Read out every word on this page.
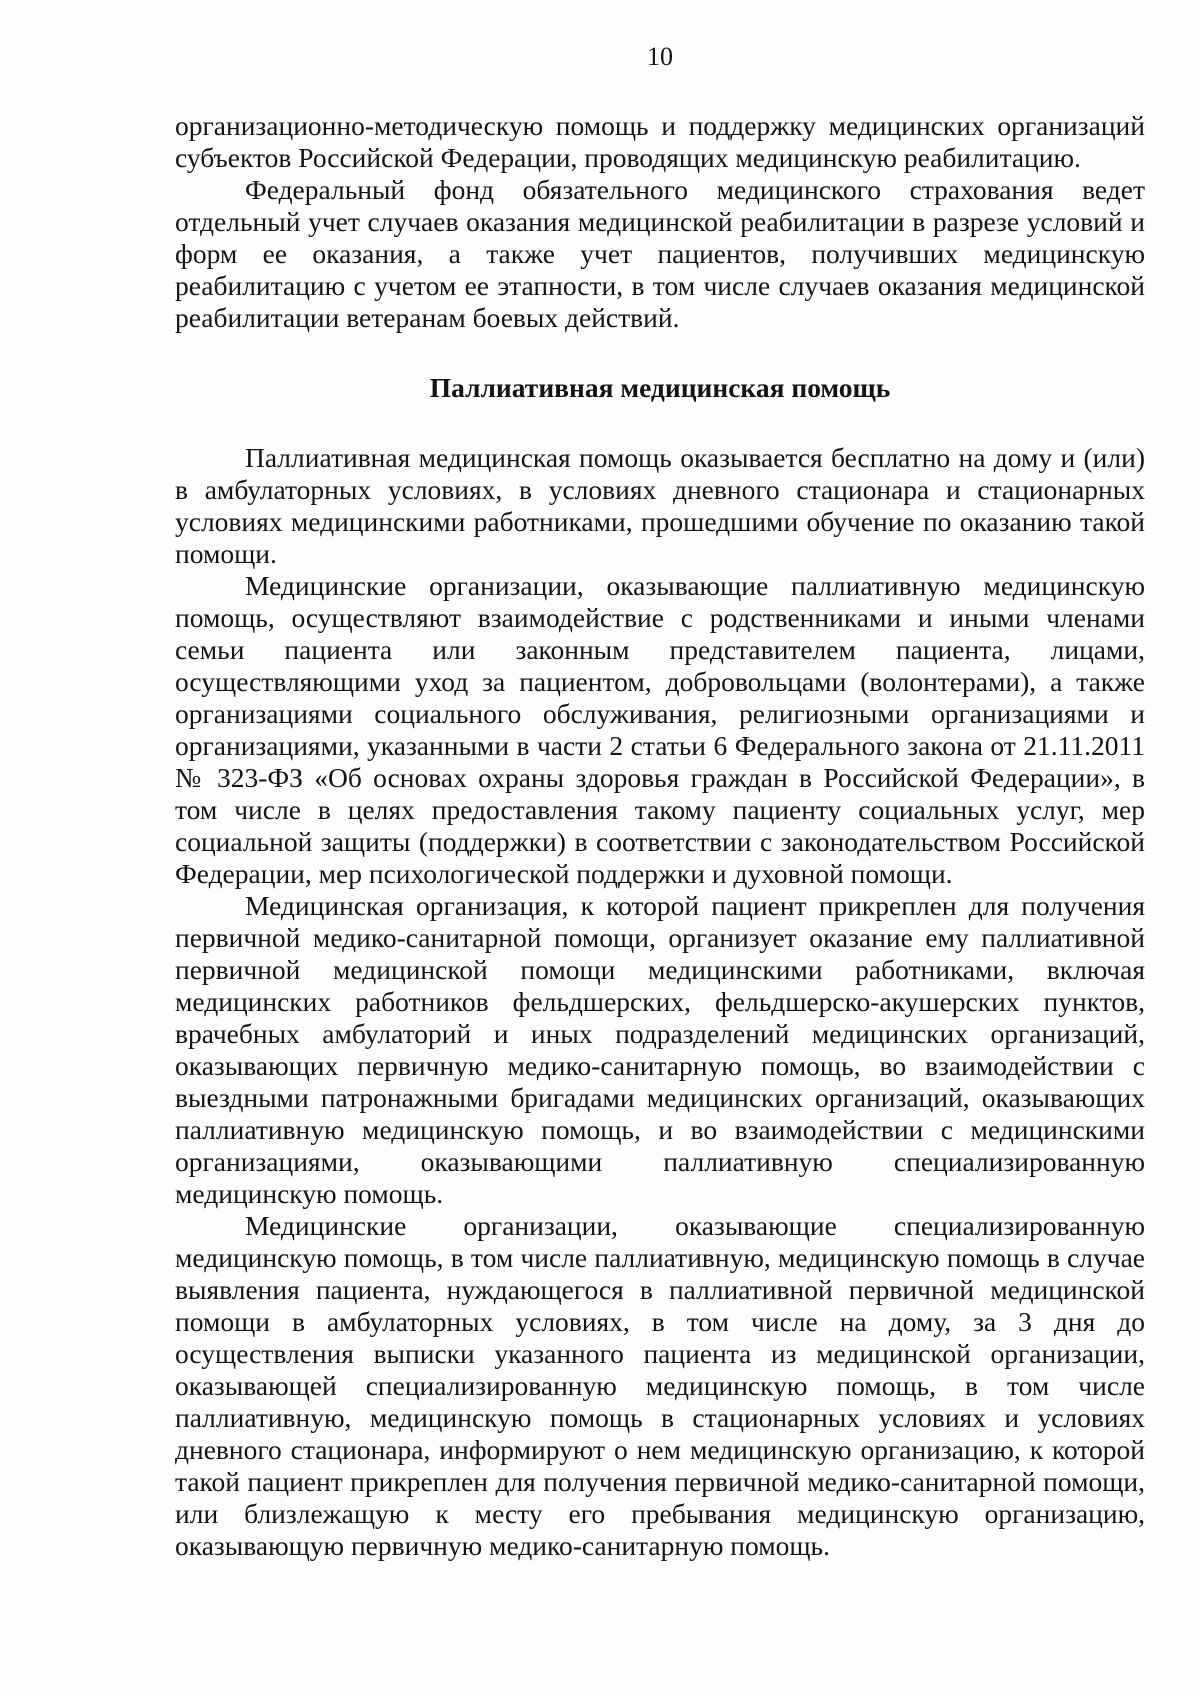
10

организационно-методическую помощь и поддержку медицинских организаций субъектов Российской Федерации, проводящих медицинскую реабилитацию.

Федеральный фонд обязательного медицинского страхования ведет отдельный учет случаев оказания медицинской реабилитации в разрезе условий и форм ее оказания, а также учет пациентов, получивших медицинскую реабилитацию с учетом ее этапности, в том числе случаев оказания медицинской реабилитации ветеранам боевых действий.

Паллиативная медицинская помощь

Паллиативная медицинская помощь оказывается бесплатно на дому и (или) в амбулаторных условиях, в условиях дневного стационара и стационарных условиях медицинскими работниками, прошедшими обучение по оказанию такой помощи.

Медицинские организации, оказывающие паллиативную медицинскую помощь, осуществляют взаимодействие с родственниками и иными членами семьи пациента или законным представителем пациента, лицами, осуществляющими уход за пациентом, добровольцами (волонтерами), а также организациями социального обслуживания, религиозными организациями и организациями, указанными в части 2 статьи 6 Федерального закона от 21.11.2011 № 323-ФЗ «Об основах охраны здоровья граждан в Российской Федерации», в том числе в целях предоставления такому пациенту социальных услуг, мер социальной защиты (поддержки) в соответствии с законодательством Российской Федерации, мер психологической поддержки и духовной помощи.

Медицинская организация, к которой пациент прикреплен для получения первичной медико-санитарной помощи, организует оказание ему паллиативной первичной медицинской помощи медицинскими работниками, включая медицинских работников фельдшерских, фельдшерско-акушерских пунктов, врачебных амбулаторий и иных подразделений медицинских организаций, оказывающих первичную медико-санитарную помощь, во взаимодействии с выездными патронажными бригадами медицинских организаций, оказывающих паллиативную медицинскую помощь, и во взаимодействии с медицинскими организациями, оказывающими паллиативную специализированную медицинскую помощь.

Медицинские организации, оказывающие специализированную медицинскую помощь, в том числе паллиативную, медицинскую помощь в случае выявления пациента, нуждающегося в паллиативной первичной медицинской помощи в амбулаторных условиях, в том числе на дому, за 3 дня до осуществления выписки указанного пациента из медицинской организации, оказывающей специализированную медицинскую помощь, в том числе паллиативную, медицинскую помощь в стационарных условиях и условиях дневного стационара, информируют о нем медицинскую организацию, к которой такой пациент прикреплен для получения первичной медико-санитарной помощи, или близлежащую к месту его пребывания медицинскую организацию, оказывающую первичную медико-санитарную помощь.
